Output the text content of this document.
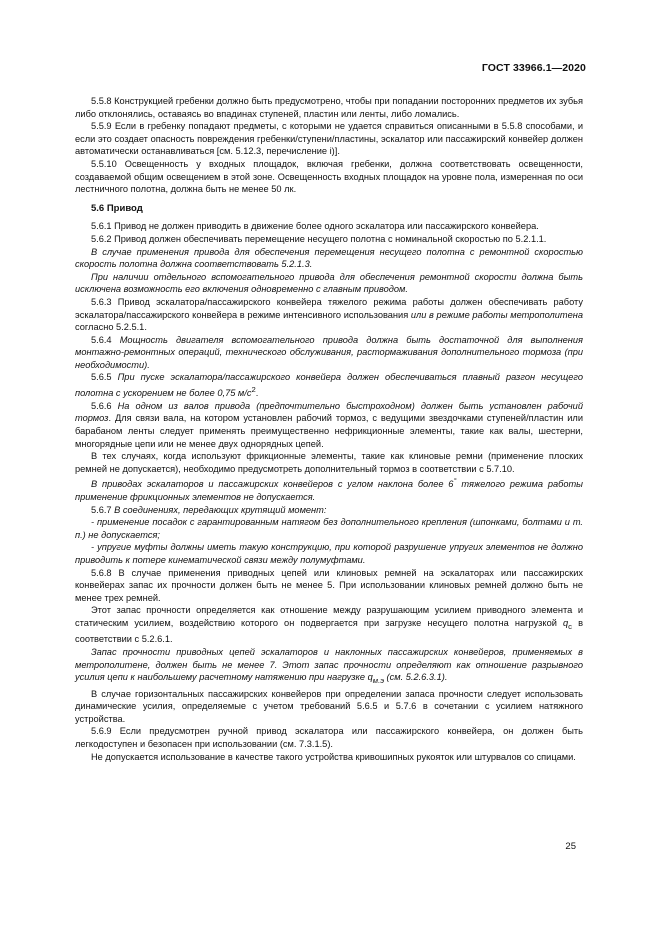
ГОСТ 33966.1—2020

5.5.8 Конструкцией гребенки должно быть предусмотрено, чтобы при попадании посторонних предметов их зубья либо отклонялись, оставаясь во впадинах ступеней, пластин или ленты, либо ломались.

5.5.9 Если в гребенку попадают предметы, с которыми не удается справиться описанными в 5.5.8 способами, и если это создает опасность повреждения гребенки/ступени/пластины, эскалатор или пассажирский конвейер должен автоматически останавливаться [см. 5.12.3, перечисление i)].

5.5.10 Освещенность у входных площадок, включая гребенки, должна соответствовать освещенности, создаваемой общим освещением в этой зоне. Освещенность входных площадок на уровне пола, измеренная по оси лестничного полотна, должна быть не менее 50 лк.

5.6 Привод

5.6.1 Привод не должен приводить в движение более одного эскалатора или пассажирского конвейера.

5.6.2 Привод должен обеспечивать перемещение несущего полотна с номинальной скоростью по 5.2.1.1.

В случае применения привода для обеспечения перемещения несущего полотна с ремонтной скоростью скорость полотна должна соответствовать 5.2.1.3.

При наличии отдельного вспомогательного привода для обеспечения ремонтной скорости должна быть исключена возможность его включения одновременно с главным приводом.

5.6.3 Привод эскалатора/пассажирского конвейера тяжелого режима работы должен обеспечивать работу эскалатора/пассажирского конвейера в режиме интенсивного использования или в режиме работы метрополитена согласно 5.2.5.1.

5.6.4 Мощность двигателя вспомогательного привода должна быть достаточной для выполнения монтажно-ремонтных операций, технического обслуживания, растормаживания дополнительного тормоза (при необходимости).

5.6.5 При пуске эскалатора/пассажирского конвейера должен обеспечиваться плавный разгон несущего полотна с ускорением не более 0,75 $м/с^2$.

5.6.6 На одном из валов привода (предпочтительно быстроходном) должен быть установлен рабочий тормоз. Для связи вала, на котором установлен рабочий тормоз, с ведущими звездочками ступеней/пластин или барабаном ленты следует применять преимущественно нефрикционные элементы, такие как валы, шестерни, многорядные цепи или не менее двух однорядных цепей.

В тех случаях, когда используют фрикционные элементы, такие как клиновые ремни (применение плоских ремней не допускается), необходимо предусмотреть дополнительный тормоз в соответствии с 5.7.10.

В приводах эскалаторов и пассажирских конвейеров с углом наклона более 6° тяжелого режима работы применение фрикционных элементов не допускается.

5.6.7 В соединениях, передающих крутящий момент:

- применение посадок с гарантированным натягом без дополнительного крепления (шпонками, болтами и т. п.) не допускается;

- упругие муфты должны иметь такую конструкцию, при которой разрушение упругих элементов не должно приводить к потере кинематической связи между полумуфтами.

5.6.8 В случае применения приводных цепей или клиновых ремней на эскалаторах или пассажирских конвейерах запас их прочности должен быть не менее 5. При использовании клиновых ремней должно быть не менее трех ремней.

Этот запас прочности определяется как отношение между разрушающим усилием приводного элемента и статическим усилием, воздействию которого он подвергается при загрузке несущего полотна нагрузкой $q_с$ в соответствии с 5.2.6.1.

Запас прочности приводных цепей эскалаторов и наклонных пассажирских конвейеров, применяемых в метрополитене, должен быть не менее 7. Этот запас прочности определяют как отношение разрывного усилия цепи к наибольшему расчетному натяжению при нагрузке $q_{м.э}$ (см. 5.2.6.3.1).

В случае горизонтальных пассажирских конвейеров при определении запаса прочности следует использовать динамические усилия, определяемые с учетом требований 5.6.5 и 5.7.6 в сочетании с усилием натяжного устройства.

5.6.9 Если предусмотрен ручной привод эскалатора или пассажирского конвейера, он должен быть легкодоступен и безопасен при использовании (см. 7.3.1.5).

Не допускается использование в качестве такого устройства кривошипных рукояток или штурвалов со спицами.

25
